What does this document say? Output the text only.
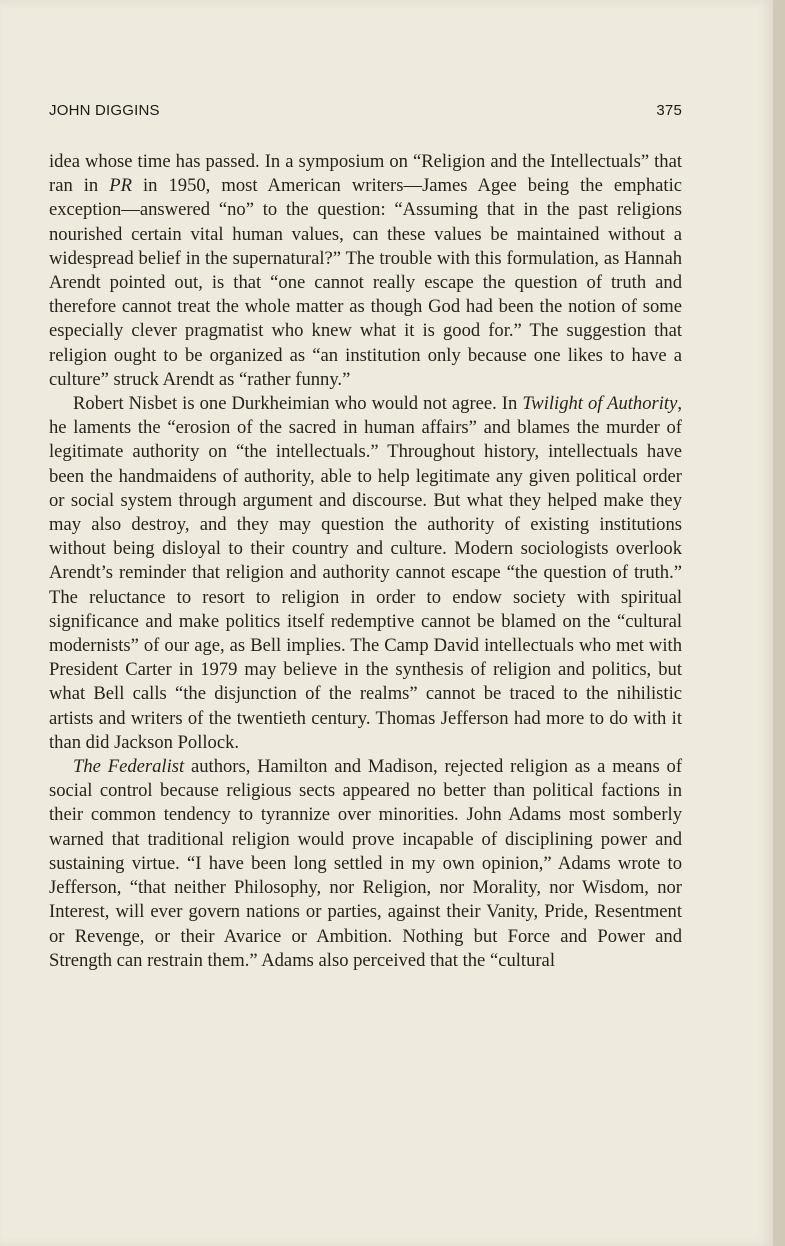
JOHN DIGGINS	375

idea whose time has passed. In a symposium on “Religion and the Intellectuals” that ran in PR in 1950, most American writers—James Agee being the emphatic exception—answered “no” to the question: “Assuming that in the past religions nourished certain vital human values, can these values be maintained without a widespread belief in the supernatural?” The trouble with this formulation, as Hannah Arendt pointed out, is that “one cannot really escape the question of truth and therefore cannot treat the whole matter as though God had been the notion of some especially clever pragmatist who knew what it is good for.” The suggestion that religion ought to be organized as “an institution only because one likes to have a culture” struck Arendt as “rather funny.”

Robert Nisbet is one Durkheimian who would not agree. In Twilight of Authority, he laments the “erosion of the sacred in human affairs” and blames the murder of legitimate authority on “the intellectuals.” Throughout history, intellectuals have been the handmaidens of authority, able to help legitimate any given political order or social system through argument and discourse. But what they helped make they may also destroy, and they may question the authority of existing institutions without being disloyal to their country and culture. Modern sociologists overlook Arendt’s reminder that religion and authority cannot escape “the question of truth.” The reluctance to resort to religion in order to endow society with spiritual significance and make politics itself redemptive cannot be blamed on the “cultural modernists” of our age, as Bell implies. The Camp David intellectuals who met with President Carter in 1979 may believe in the synthesis of religion and politics, but what Bell calls “the disjunction of the realms” cannot be traced to the nihilistic artists and writers of the twentieth century. Thomas Jefferson had more to do with it than did Jackson Pollock.

The Federalist authors, Hamilton and Madison, rejected religion as a means of social control because religious sects appeared no better than political factions in their common tendency to tyrannize over minorities. John Adams most somberly warned that traditional religion would prove incapable of disciplining power and sustaining virtue. “I have been long settled in my own opinion,” Adams wrote to Jefferson, “that neither Philosophy, nor Religion, nor Morality, nor Wisdom, nor Interest, will ever govern nations or parties, against their Vanity, Pride, Resentment or Revenge, or their Avarice or Ambition. Nothing but Force and Power and Strength can restrain them.” Adams also perceived that the “cultural
